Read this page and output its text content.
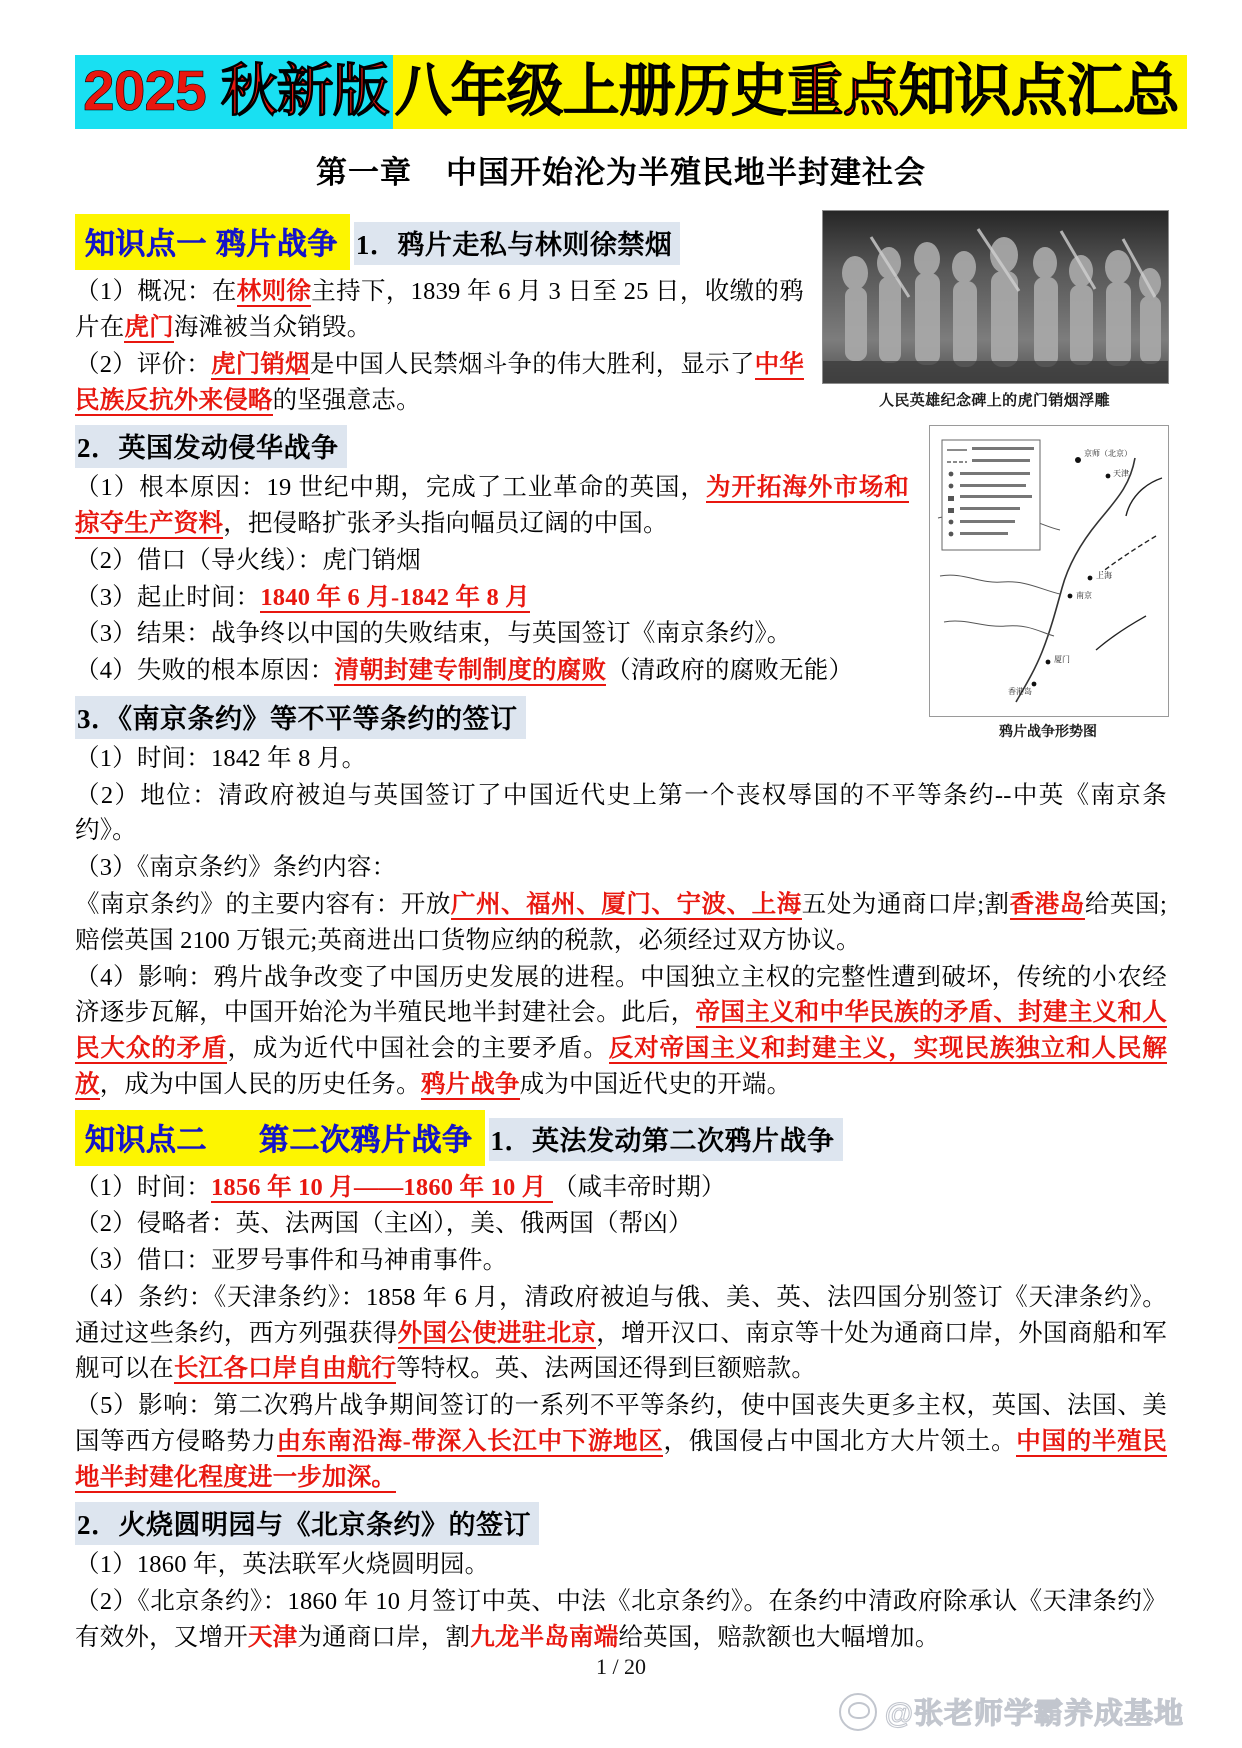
2025 秋新版 八年级上册历史重点知识点汇总
第一章 中国开始沦为半殖民地半封建社会
人民英雄纪念碑上的虎门销烟浮雕
知识点一 鸦片战争 1．鸦片走私与林则徐禁烟

（1）概况：在林则徐主持下，1839 年 6 月 3 日至 25 日，收缴的鸦片在虎门海滩被当众销毁。

（2）评价：虎门销烟是中国人民禁烟斗争的伟大胜利，显示了中华民族反抗外来侵略的坚强意志。

京师（北京）
天津
上海
南京
厦门
香港岛
鸦片战争形势图
2．英国发动侵华战争

（1）根本原因：19 世纪中期，完成了工业革命的英国，为开拓海外市场和掠夺生产资料，把侵略扩张矛头指向幅员辽阔的中国。

（2）借口（导火线）：虎门销烟

（3）起止时间：1840 年 6 月-1842 年 8 月

（3）结果：战争终以中国的失败结束，与英国签订《南京条约》。

（4）失败的根本原因：清朝封建专制制度的腐败（清政府的腐败无能）

3．《南京条约》等不平等条约的签订

（1）时间：1842 年 8 月。

（2）地位：清政府被迫与英国签订了中国近代史上第一个丧权辱国的不平等条约--中英《南京条约》。

（3）《南京条约》条约内容：

《南京条约》的主要内容有：开放广州、福州、厦门、宁波、上海五处为通商口岸;割香港岛给英国;赔偿英国 2100 万银元;英商进出口货物应纳的税款，必须经过双方协议。

（4）影响：鸦片战争改变了中国历史发展的进程。中国独立主权的完整性遭到破坏，传统的小农经济逐步瓦解，中国开始沦为半殖民地半封建社会。此后，帝国主义和中华民族的矛盾、封建主义和人民大众的矛盾，成为近代中国社会的主要矛盾。反对帝国主义和封建主义，实现民族独立和人民解放，成为中国人民的历史任务。鸦片战争成为中国近代史的开端。

知识点二 第二次鸦片战争 1．英法发动第二次鸦片战争

（1）时间：1856 年 10 月——1860 年 10 月 （咸丰帝时期）

（2）侵略者：英、法两国（主凶），美、俄两国（帮凶）

（3）借口：亚罗号事件和马神甫事件。

（4）条约：《天津条约》：1858 年 6 月，清政府被迫与俄、美、英、法四国分别签订《天津条约》。通过这些条约，西方列强获得外国公使进驻北京，增开汉口、南京等十处为通商口岸，外国商船和军舰可以在长江各口岸自由航行等特权。英、法两国还得到巨额赔款。

（5）影响：第二次鸦片战争期间签订的一系列不平等条约，使中国丧失更多主权，英国、法国、美国等西方侵略势力由东南沿海-带深入长江中下游地区，俄国侵占中国北方大片领土。中国的半殖民地半封建化程度进一步加深。

2．火烧圆明园与《北京条约》的签订

（1）1860 年，英法联军火烧圆明园。

（2）《北京条约》：1860 年 10 月签订中英、中法《北京条约》。在条约中清政府除承认《天津条约》有效外，又增开天津为通商口岸，割九龙半岛南端给英国，赔款额也大幅增加。

1 / 20
@张老师学霸养成基地
